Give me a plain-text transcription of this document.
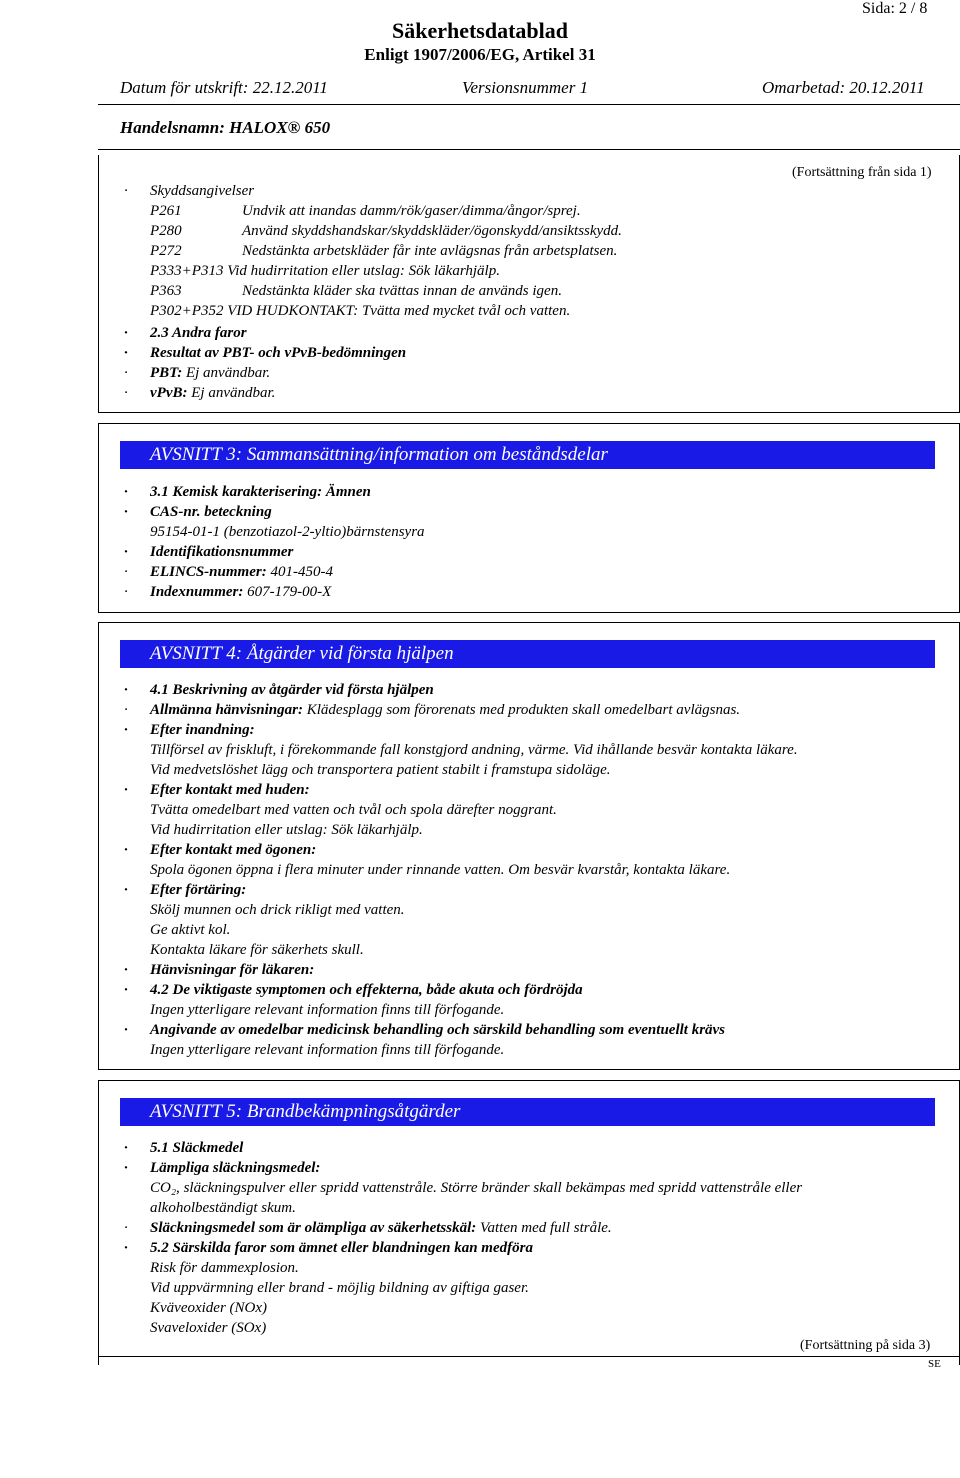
Sida: 2 / 8
Säkerhetsdatablad
Enligt 1907/2006/EG, Artikel 31
Datum för utskrift: 22.12.2011	Versionsnummer 1	Omarbetad: 20.12.2011
Handelsnamn: HALOX® 650
(Fortsättning från sida 1)
· Skyddsangivelser
P261	Undvik att inandas damm/rök/gaser/dimma/ångor/sprej.
P280	Använd skyddshandskar/skyddskläder/ögonskydd/ansiktsskydd.
P272	Nedstänkta arbetskläder får inte avlägsnas från arbetsplatsen.
P333+P313 Vid hudirritation eller utslag: Sök läkarhjälp.
P363	Nedstänkta kläder ska tvättas innan de används igen.
P302+P352 VID HUDKONTAKT: Tvätta med mycket tvål och vatten.
· 2.3 Andra faror
· Resultat av PBT- och vPvB-bedömningen
· PBT: Ej användbar.
· vPvB: Ej användbar.
AVSNITT 3: Sammansättning/information om beståndsdelar
· 3.1 Kemisk karakterisering: Ämnen
· CAS-nr. beteckning
95154-01-1 (benzotiazol-2-yltio)bärnstensyra
· Identifikationsnummer
· ELINCS-nummer: 401-450-4
· Indexnummer: 607-179-00-X
AVSNITT 4: Åtgärder vid första hjälpen
· 4.1 Beskrivning av åtgärder vid första hjälpen
· Allmänna hänvisningar: Klädesplagg som förorenats med produkten skall omedelbart avlägsnas.
· Efter inandning:
Tillförsel av friskluft, i förekommande fall konstgjord andning, värme. Vid ihållande besvär kontakta läkare.
Vid medvetslöshet lägg och transportera patient stabilt i framstupa sidoläge.
· Efter kontakt med huden:
Tvätta omedelbart med vatten och tvål och spola därefter noggrant.
Vid hudirritation eller utslag: Sök läkarhjälp.
· Efter kontakt med ögonen:
Spola ögonen öppna i flera minuter under rinnande vatten. Om besvär kvarstår, kontakta läkare.
· Efter förtäring:
Skölj munnen och drick rikligt med vatten.
Ge aktivt kol.
Kontakta läkare för säkerhets skull.
· Hänvisningar för läkaren:
· 4.2 De viktigaste symptomen och effekterna, både akuta och fördröjda
Ingen ytterligare relevant information finns till förfogande.
· Angivande av omedelbar medicinsk behandling och särskild behandling som eventuellt krävs
Ingen ytterligare relevant information finns till förfogande.
AVSNITT 5: Brandbekämpningsåtgärder
· 5.1 Släckmedel
· Lämpliga släckningsmedel:
CO₂, släckningspulver eller spridd vattenstråle. Större bränder skall bekämpas med spridd vattenstråle eller
alkoholbeständigt skum.
· Släckningsmedel som är olämpliga av säkerhetsskäl: Vatten med full stråle.
· 5.2 Särskilda faror som ämnet eller blandningen kan medföra
Risk för dammexplosion.
Vid uppvärmning eller brand - möjlig bildning av giftiga gaser.
Kväveoxider (NOx)
Svaveloxider (SOx)
(Fortsättning på sida 3)
SE
